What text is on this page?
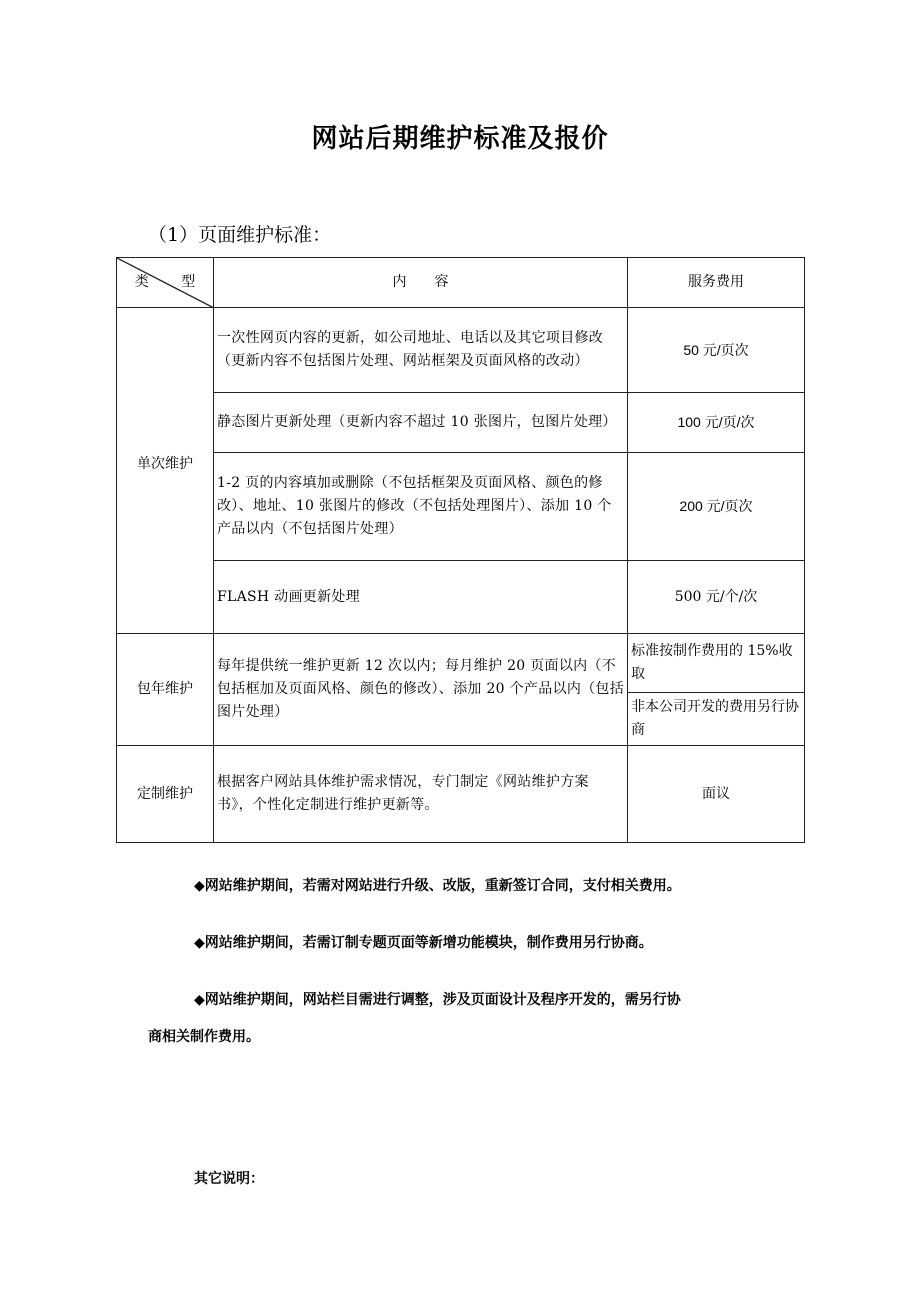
网站后期维护标准及报价
（1）页面维护标准：
类 型	内　　容	服务费用
单次维护	一次性网页内容的更新，如公司地址、电话以及其它项目修改（更新内容不包括图片处理、网站框架及页面风格的改动）	50 元/页次
	静态图片更新处理（更新内容不超过 10 张图片，包图片处理）	100 元/页/次
	1-2 页的内容填加或删除（不包括框架及页面风格、颜色的修改）、地址、10 张图片的修改（不包括处理图片）、添加 10 个产品以内（不包括图片处理）	200 元/页次
	FLASH 动画更新处理	500 元/个/次
包年维护	每年提供统一维护更新 12 次以内；每月维护 20 页面以内（不包括框加及页面风格、颜色的修改）、添加 20 个产品以内（包括图片处理）	标准按制作费用的 15%收取
		非本公司开发的费用另行协商
定制维护	根据客户网站具体维护需求情况，专门制定《网站维护方案书》，个性化定制进行维护更新等。	面议
◆网站维护期间，若需对网站进行升级、改版，重新签订合同，支付相关费用。
◆网站维护期间，若需订制专题页面等新增功能模块，制作费用另行协商。
◆网站维护期间，网站栏目需进行调整，涉及页面设计及程序开发的，需另行协
商相关制作费用。
其它说明：
